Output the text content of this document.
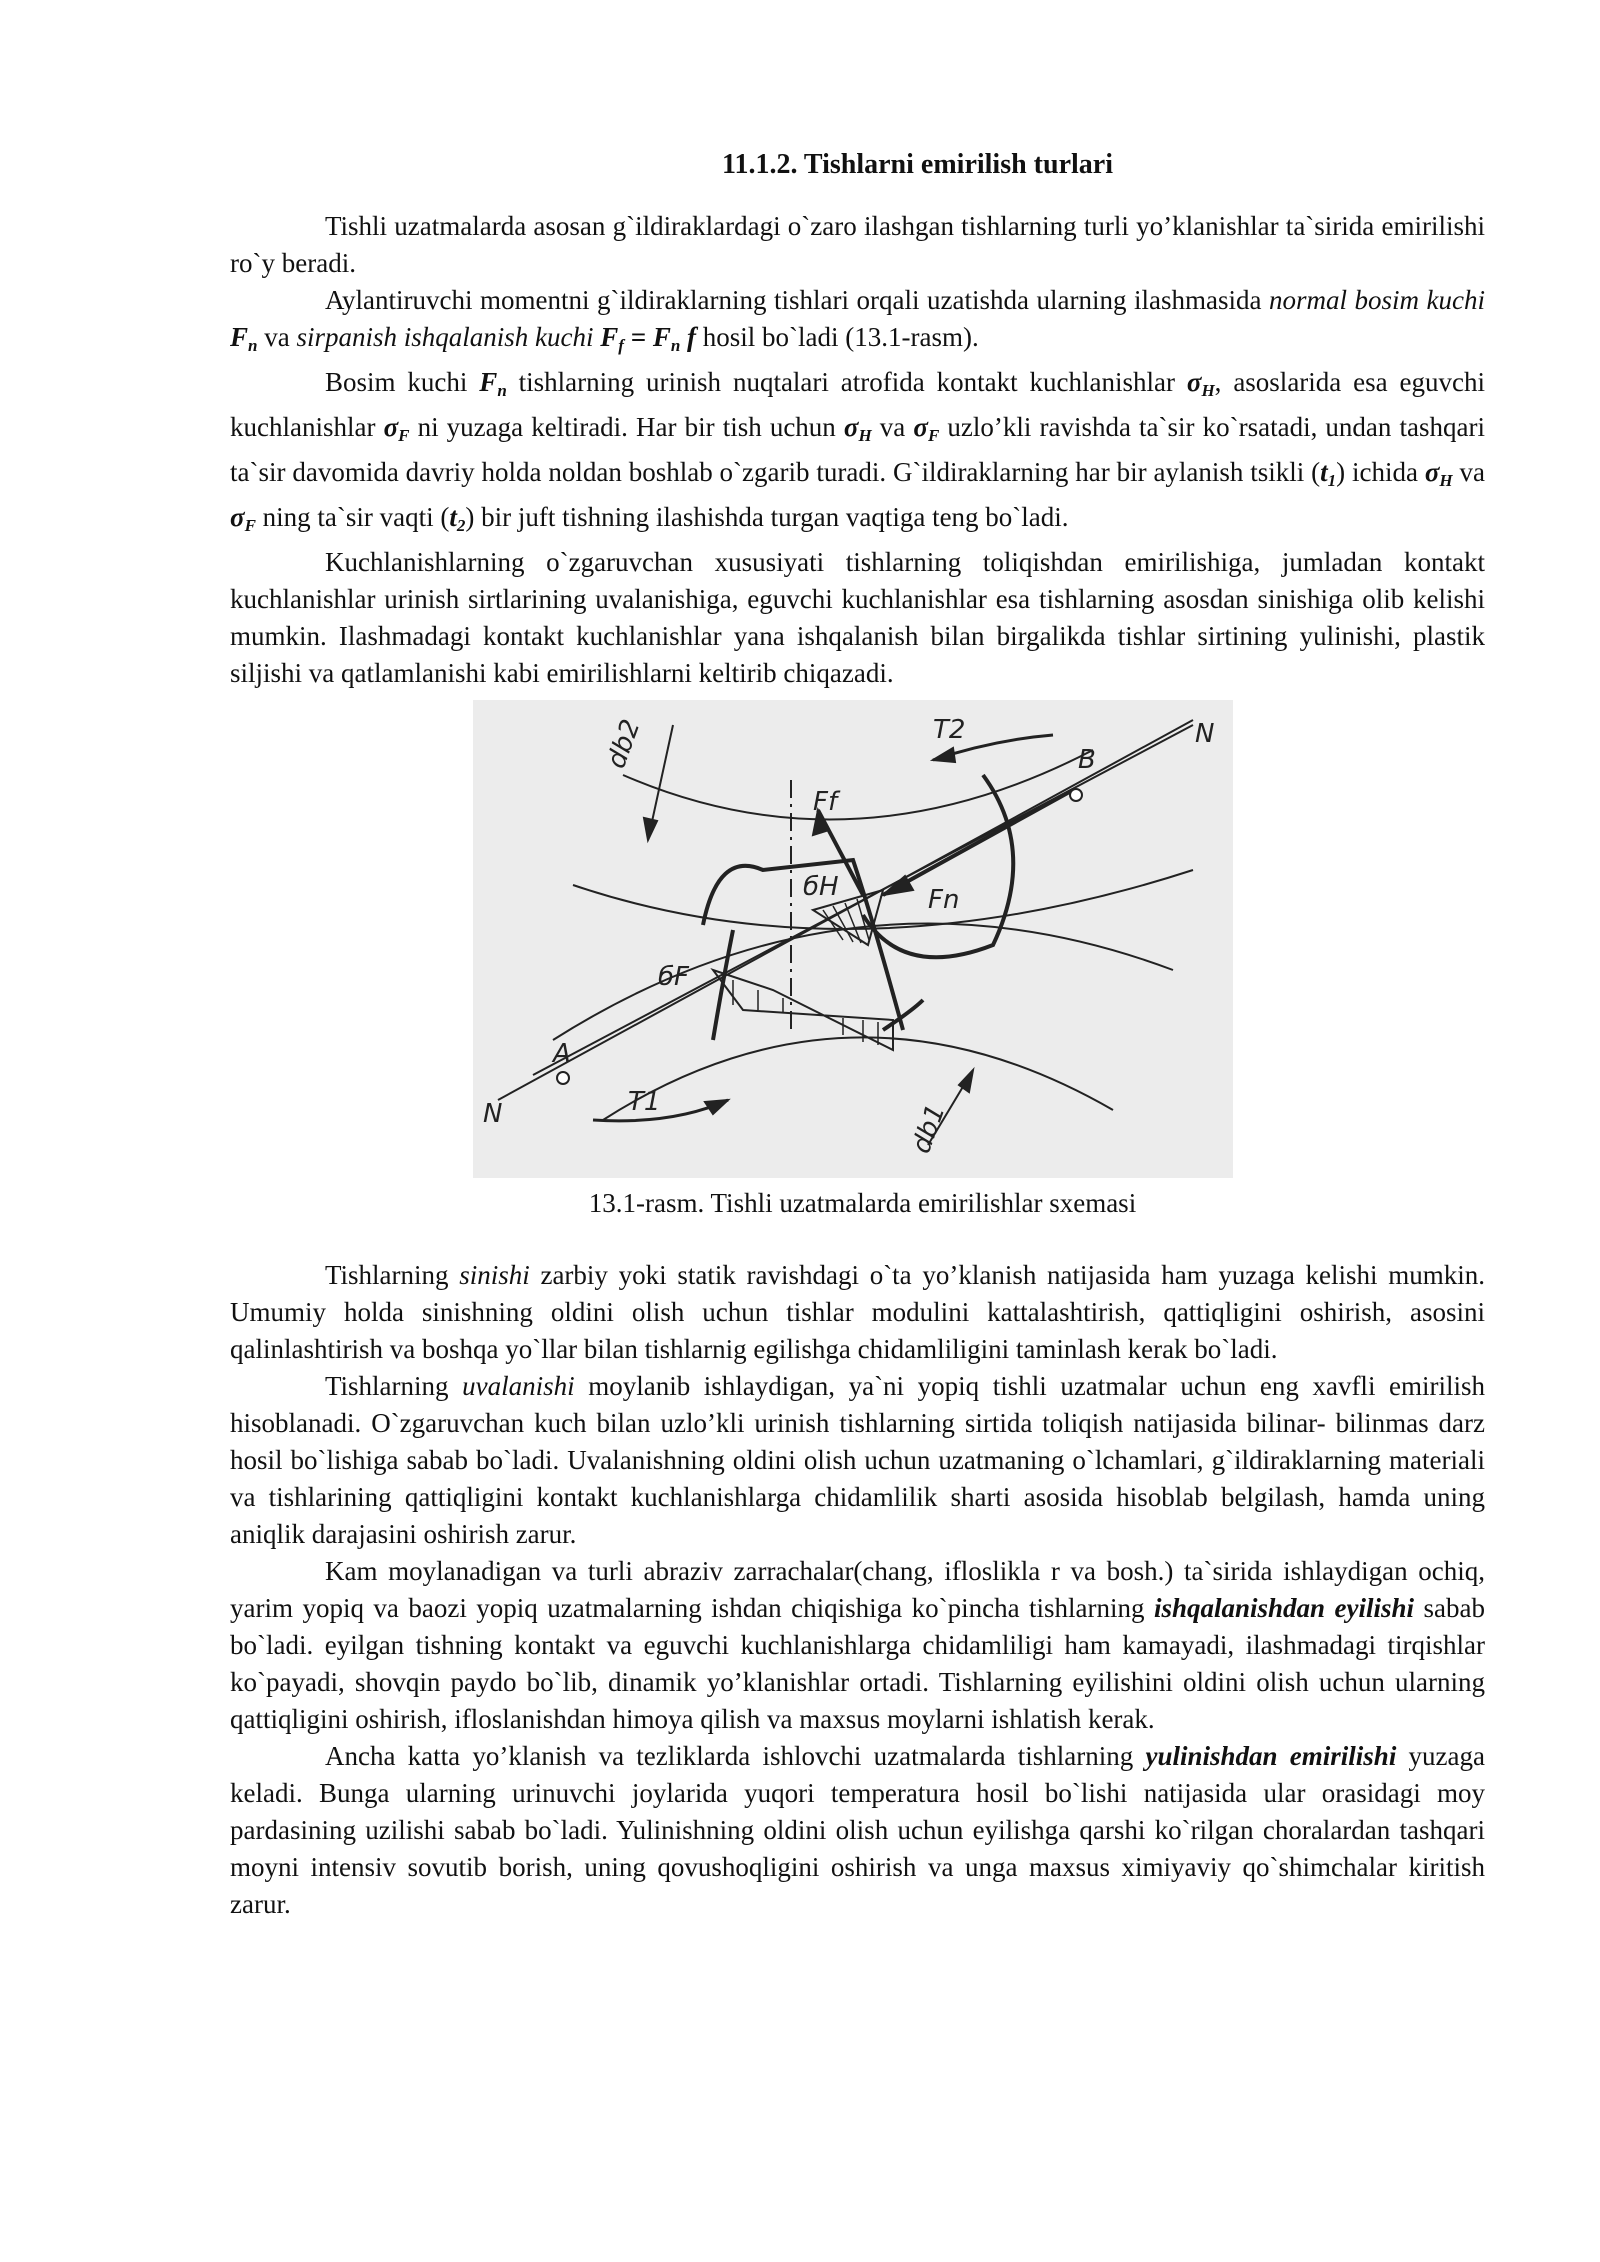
11.1.2. Tishlarni emirilish turlari

Tishli uzatmalarda asosan g`ildiraklardagi o`zaro ilashgan tishlarning turli yo’klanishlar ta`sirida emirilishi ro`y beradi.

Aylantiruvchi momentni g`ildiraklarning tishlari orqali uzatishda ularning ilashmasida normal bosim kuchi $F_n$ va sirpanish ishqalanish kuchi $F_f = F_n$ f hosil bo`ladi (13.1-rasm).

Bosim kuchi $F_n$ tishlarning urinish nuqtalari atrofida kontakt kuchlanishlar $\sigma_H$, asoslarida esa eguvchi kuchlanishlar $\sigma_F$ ni yuzaga keltiradi. Har bir tish uchun $\sigma_H$ va $\sigma_F$ uzlo’kli ravishda ta`sir ko`rsatadi, undan tashqari ta`sir davomida davriy holda noldan boshlab o`zgarib turadi. G`ildiraklarning har bir aylanish tsikli $(t_1)$ ichida $\sigma_H$ va $\sigma_F$ ning ta`sir vaqti $(t_2)$ bir juft tishning ilashishda turgan vaqtiga teng bo`ladi.

Kuchlanishlarning o`zgaruvchan xususiyati tishlarning toliqishdan emirilishiga, jumladan kontakt kuchlanishlar urinish sirtlarining uvalanishiga, eguvchi kuchlanishlar esa tishlarning asosdan sinishiga olib kelishi mumkin. Ilashmadagi kontakt kuchlanishlar yana ishqalanish bilan birgalikda tishlar sirtining yulinishi, plastik siljishi va qatlamlanishi kabi emirilishlarni keltirib chiqazadi.

db2
db1
T2
T1
B
A
N
N
Ff
Fn
бH
бF
13.1-rasm. Tishli uzatmalarda emirilishlar sxemasi

Tishlarning sinishi zarbiy yoki statik ravishdagi o`ta yo’klanish natijasida ham yuzaga kelishi mumkin. Umumiy holda sinishning oldini olish uchun tishlar modulini kattalashtirish, qattiqligini oshirish, asosini qalinlashtirish va boshqa yo`llar bilan tishlarnig egilishga chidamliligini taminlash kerak bo`ladi.

Tishlarning uvalanishi moylanib ishlaydigan, ya`ni yopiq tishli uzatmalar uchun eng xavfli emirilish hisoblanadi. O`zgaruvchan kuch bilan uzlo’kli urinish tishlarning sirtida toliqish natijasida bilinar- bilinmas darz hosil bo`lishiga sabab bo`ladi. Uvalanishning oldini olish uchun uzatmaning o`lchamlari, g`ildiraklarning materiali va tishlarining qattiqligini kontakt kuchlanishlarga chidamlilik sharti asosida hisoblab belgilash, hamda uning aniqlik darajasini oshirish zarur.

Kam moylanadigan va turli abraziv zarrachalar(chang, ifloslikla r va bosh.) ta`sirida ishlaydigan ochiq, yarim yopiq va baozi yopiq uzatmalarning ishdan chiqishiga ko`pincha tishlarning ishqalanishdan eyilishi sabab bo`ladi. eyilgan tishning kontakt va eguvchi kuchlanishlarga chidamliligi ham kamayadi, ilashmadagi tirqishlar ko`payadi, shovqin paydo bo`lib, dinamik yo’klanishlar ortadi. Tishlarning eyilishini oldini olish uchun ularning qattiqligini oshirish, ifloslanishdan himoya qilish va maxsus moylarni ishlatish kerak.

Ancha katta yo’klanish va tezliklarda ishlovchi uzatmalarda tishlarning yulinishdan emirilishi yuzaga keladi. Bunga ularning urinuvchi joylarida yuqori temperatura hosil bo`lishi natijasida ular orasidagi moy pardasining uzilishi sabab bo`ladi. Yulinishning oldini olish uchun eyilishga qarshi ko`rilgan choralardan tashqari moyni intensiv sovutib borish, uning qovushoqligini oshirish va unga maxsus ximiyaviy qo`shimchalar kiritish zarur.
